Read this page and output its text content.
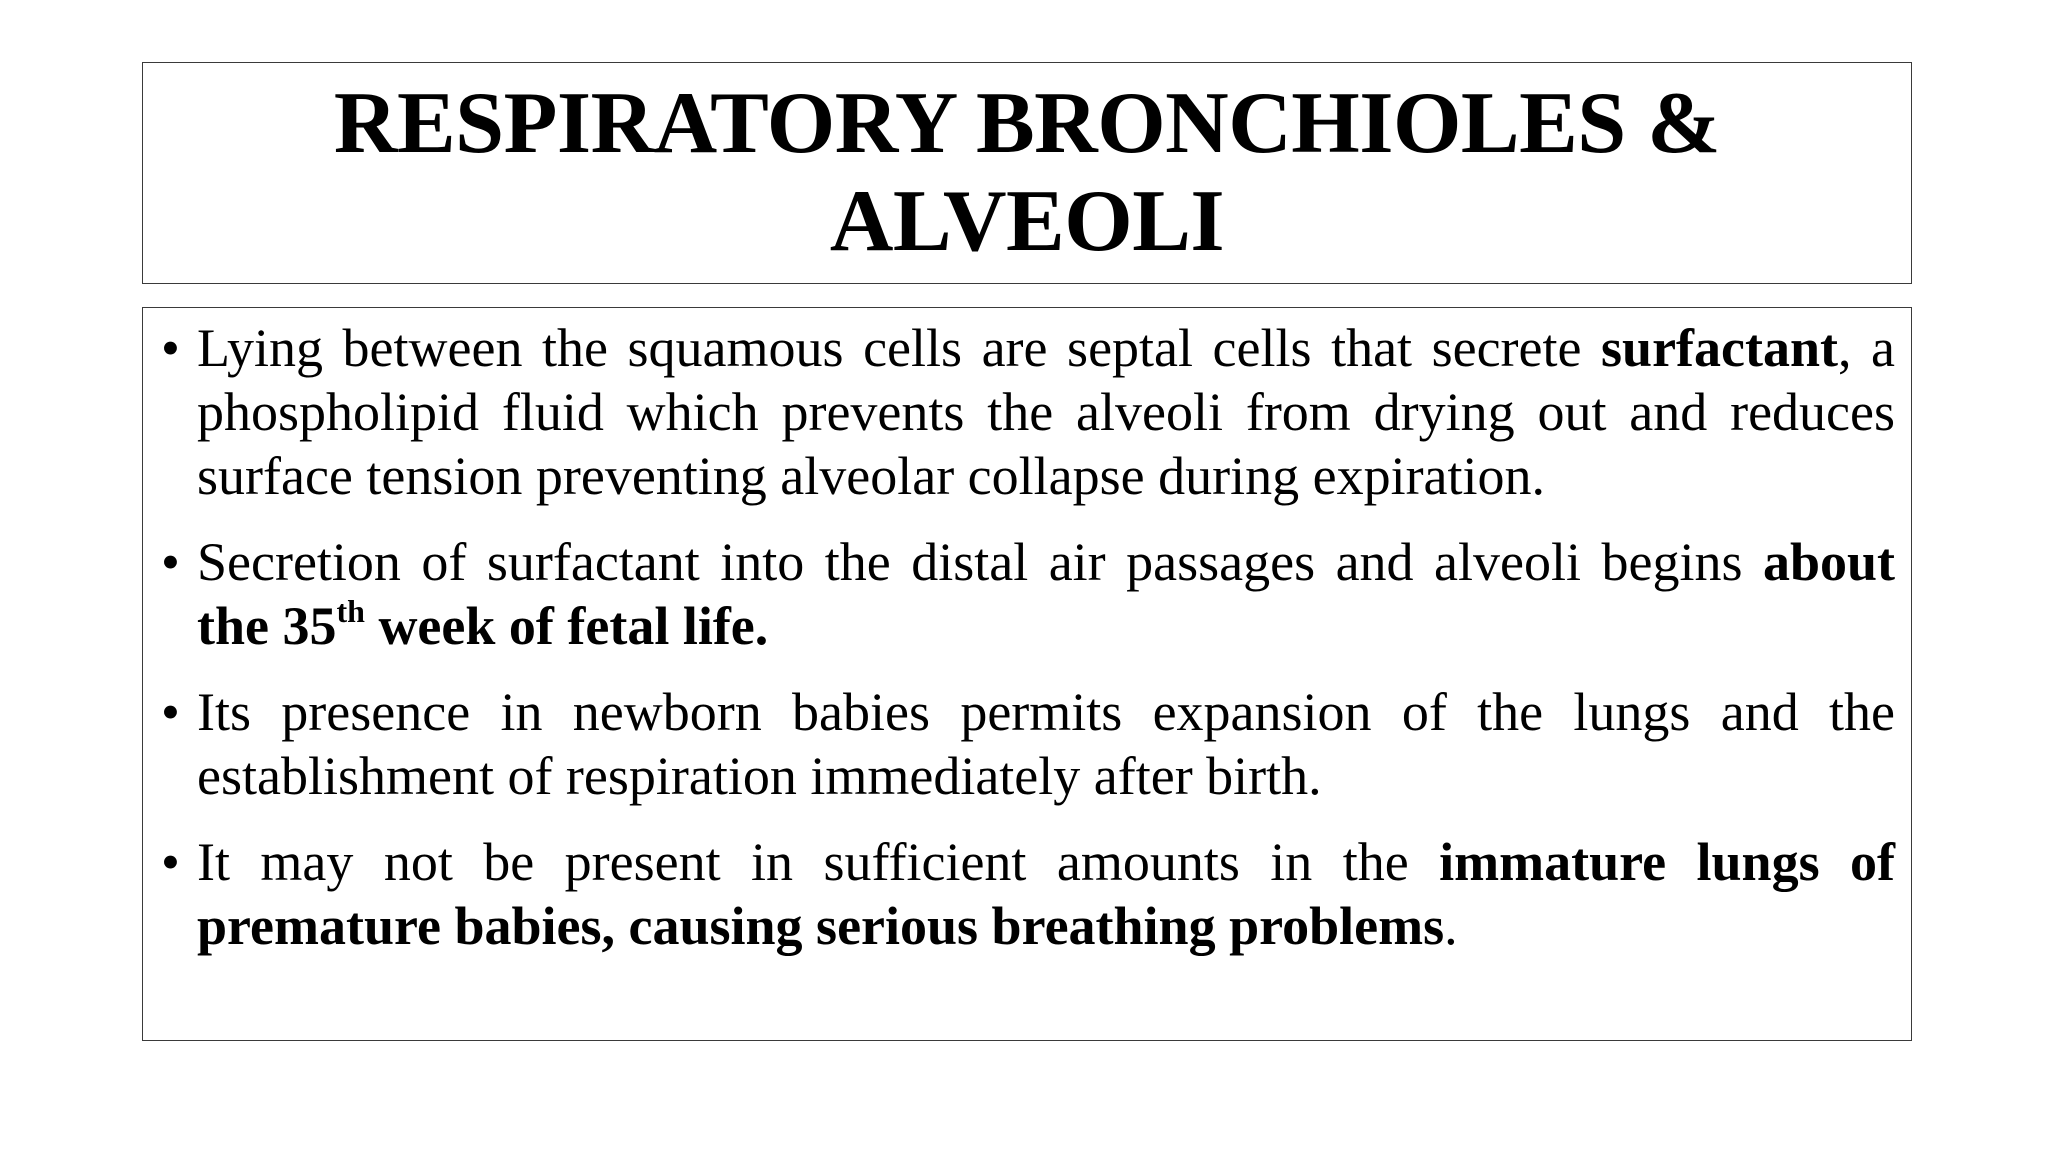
RESPIRATORY BRONCHIOLES &
ALVEOLI
• Lying between the squamous cells are septal cells that secrete surfactant, a phospholipid fluid which prevents the alveoli from drying out and reduces surface tension preventing alveolar collapse during expiration.
• Secretion of surfactant into the distal air passages and alveoli begins about the 35th week of fetal life.
• Its presence in newborn babies permits expansion of the lungs and the establishment of respiration immediately after birth.
• It may not be present in sufficient amounts in the immature lungs of premature babies, causing serious breathing problems.
